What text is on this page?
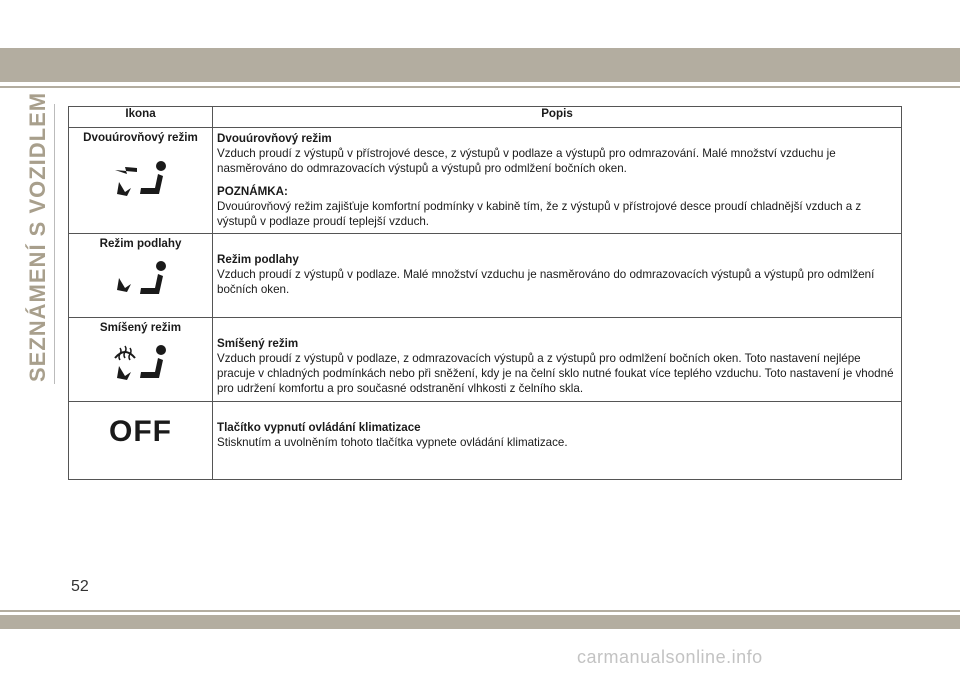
SEZNÁMENÍ S VOZIDLEM	Ikona	Popis

Dvouúrovňový režim	Dvouúrovňový režim
Vzduch proudí z výstupů v přístrojové desce, z výstupů v podlaze a výstupů pro odmrazování. Malé množství vzduchu je nasměrováno do odmrazovacích výstupů a výstupů pro odmlžení bočních oken.
POZNÁMKA:
Dvouúrovňový režim zajišťuje komfortní podmínky v kabině tím, že z výstupů v přístrojové desce proudí chladnější vzduch a z výstupů v podlaze proudí teplejší vzduch.

Režim podlahy	Režim podlahy
Vzduch proudí z výstupů v podlaze. Malé množství vzduchu je nasměrováno do odmrazovacích výstupů a výstupů pro odmlžení bočních oken.

Smíšený režim	Smíšený režim
Vzduch proudí z výstupů v podlaze, z odmrazovacích výstupů a z výstupů pro odmlžení bočních oken. Toto nastavení nejlépe pracuje v chladných podmínkách nebo při sněžení, kdy je na čelní sklo nutné foukat více teplého vzduchu. Toto nastavení je vhodné pro udržení komfortu a pro současné odstranění vlhkosti z čelního skla.

OFF	Tlačítko vypnutí ovládání klimatizace
Stisknutím a uvolněním tohoto tlačítka vypnete ovládání klimatizace.
52
carmanualsonline.info
